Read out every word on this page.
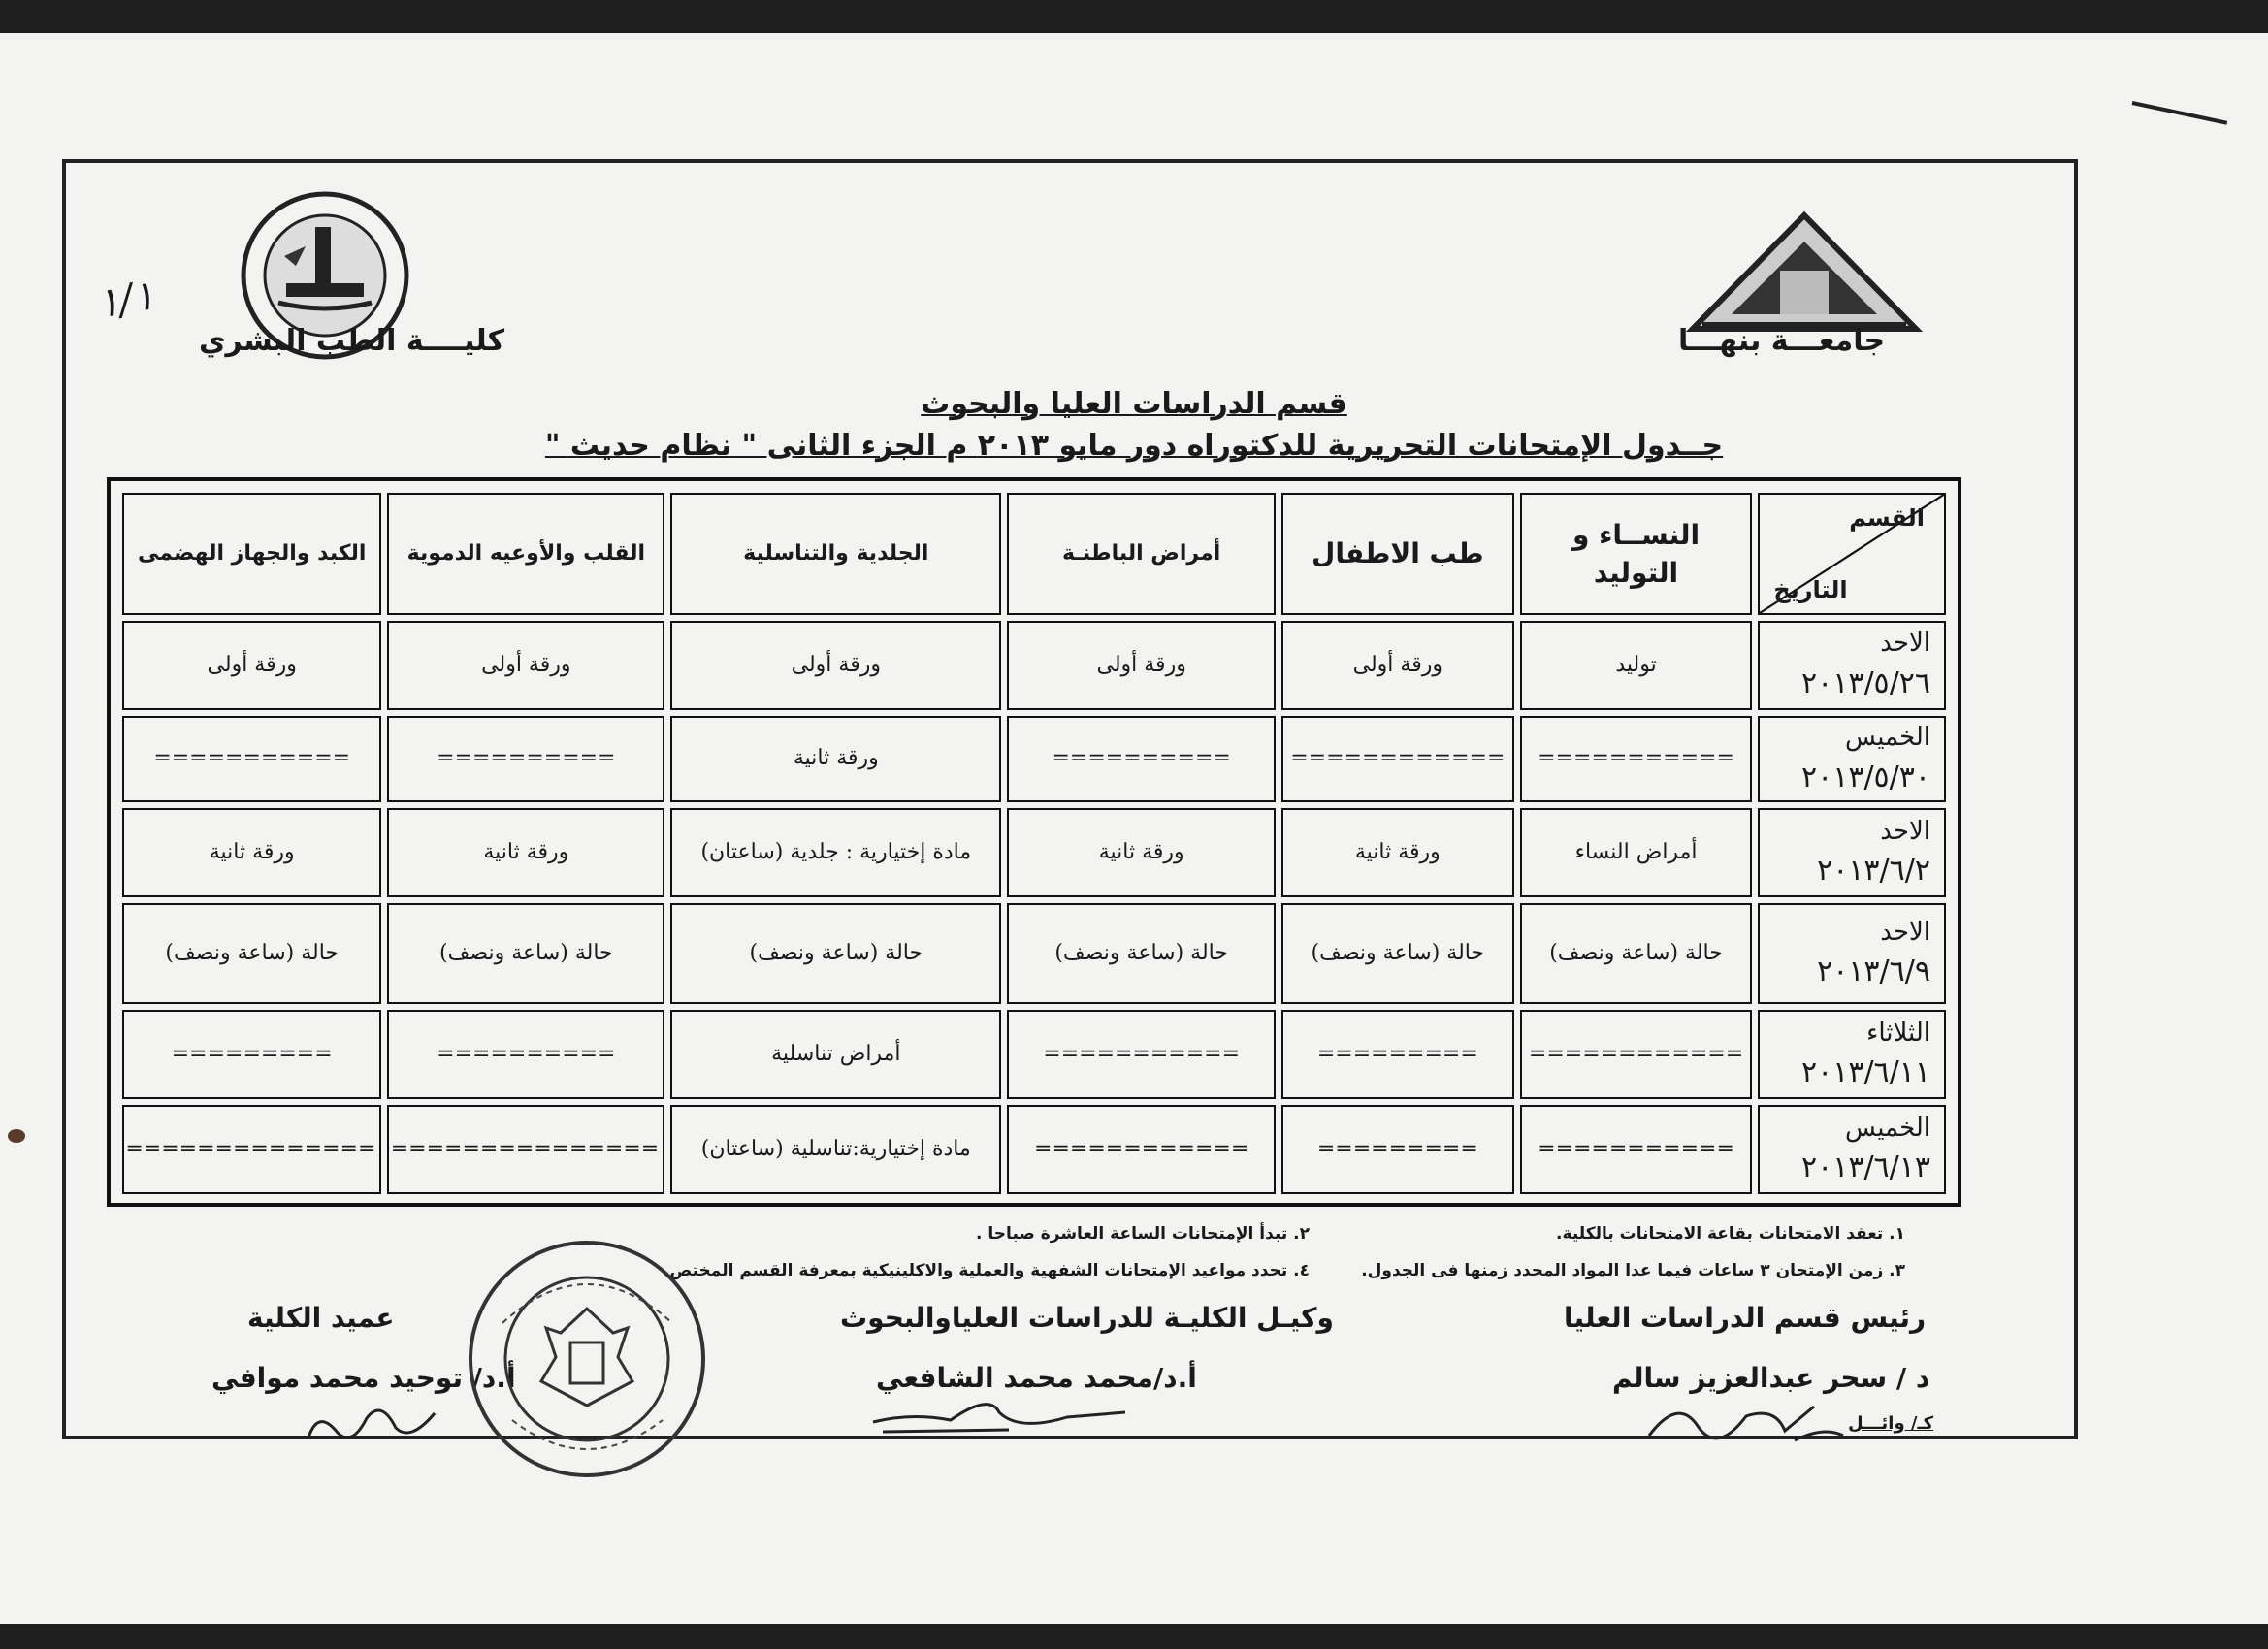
جامعـــة بنهـــا
كليــــة الطب البشري
١/١
قسم الدراسات العليا والبحوث
جــدول الإمتحانات التحريرية للدكتوراه دور مايو ٢٠١٣ م الجزء الثانى " نظام حديث "
القسم
التاريخ	النســاء و التوليد	طب الاطفال	أمراض الباطنـة	الجلدية والتناسلية	القلب والأوعيه الدموية	الكبد والجهاز الهضمى

الاحد
٢٠١٣/٥/٢٦	توليد	ورقة أولى	ورقة أولى	ورقة أولى	ورقة أولى	ورقة أولى

الخميس
٢٠١٣/٥/٣٠	===========	============	==========	ورقة ثانية	==========	===========

الاحد
٢٠١٣/٦/٢	أمراض النساء	ورقة ثانية	ورقة ثانية	مادة إختيارية : جلدية (ساعتان)	ورقة ثانية	ورقة ثانية

الاحد
٢٠١٣/٦/٩	حالة (ساعة ونصف)	حالة (ساعة ونصف)	حالة (ساعة ونصف)	حالة (ساعة ونصف)	حالة (ساعة ونصف)	حالة (ساعة ونصف)

الثلاثاء
٢٠١٣/٦/١١	============	=========	===========	أمراض تناسلية	==========	=========

الخميس
٢٠١٣/٦/١٣	===========	=========	============	مادة إختيارية:تناسلية (ساعتان)	===============	==============
١. تعقد الامتحانات بقاعة الامتحانات بالكلية.
٢. تبدأ الإمتحانات الساعة العاشرة صباحا .
٣. زمن الإمتحان ٣ ساعات فيما عدا المواد المحدد زمنها فى الجدول.
٤. تحدد مواعيد الإمتحانات الشفهية والعملية والاكلينيكية بمعرفة القسم المختص.
رئيس قسم الدراسات العليا
د / سحر عبدالعزيز سالم
وكيـل الكليـة للدراسات العلياوالبحوث
أ.د/محمد محمد الشافعي
عميد الكلية
أ.د/ توحيد محمد موافي
كـ/ وائـــل
